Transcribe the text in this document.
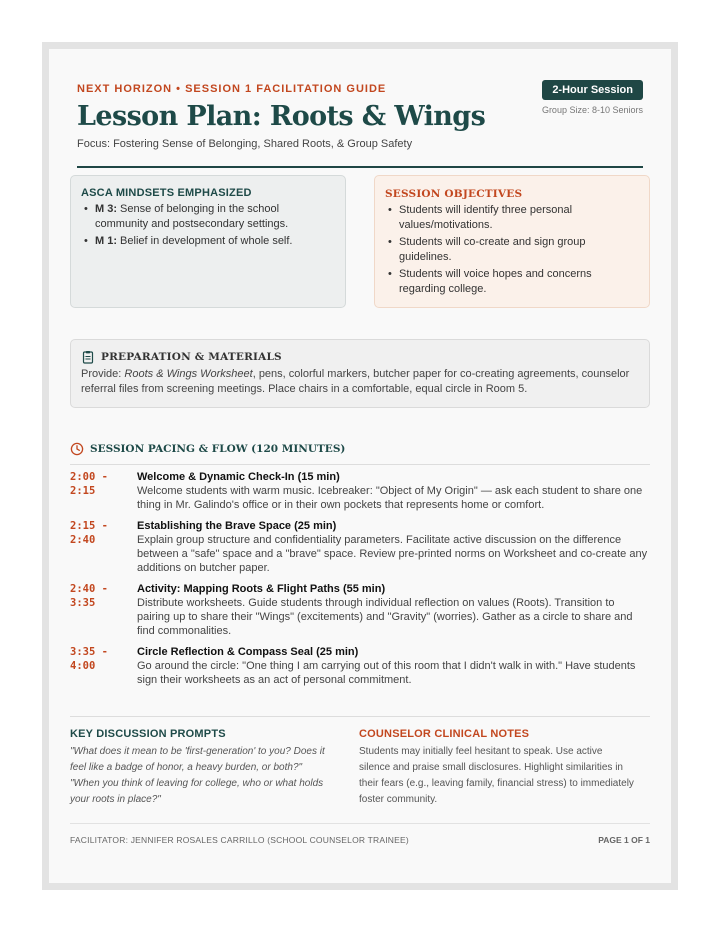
NEXT HORIZON • SESSION 1 FACILITATION GUIDE
Lesson Plan: Roots & Wings
Focus: Fostering Sense of Belonging, Shared Roots, & Group Safety
2-Hour Session
Group Size: 8-10 Seniors
ASCA MINDSETS EMPHASIZED
• M 3: Sense of belonging in the school community and postsecondary settings.
• M 1: Belief in development of whole self.
SESSION OBJECTIVES
• Students will identify three personal values/motivations.
• Students will co-create and sign group guidelines.
• Students will voice hopes and concerns regarding college.
PREPARATION & MATERIALS
Provide: Roots & Wings Worksheet, pens, colorful markers, butcher paper for co-creating agreements, counselor referral files from screening meetings. Place chairs in a comfortable, equal circle in Room 5.
SESSION PACING & FLOW (120 MINUTES)
2:00 -
2:15
Welcome & Dynamic Check-In (15 min)
Welcome students with warm music. Icebreaker: "Object of My Origin" — ask each student to share one thing in Mr. Galindo's office or in their own pockets that represents home or comfort.
2:15 -
2:40
Establishing the Brave Space (25 min)
Explain group structure and confidentiality parameters. Facilitate active discussion on the difference between a "safe" space and a "brave" space. Review pre-printed norms on Worksheet and co-create any additions on butcher paper.
2:40 -
3:35
Activity: Mapping Roots & Flight Paths (55 min)
Distribute worksheets. Guide students through individual reflection on values (Roots). Transition to pairing up to share their "Wings" (excitements) and "Gravity" (worries). Gather as a circle to share and find commonalities.
3:35 -
4:00
Circle Reflection & Compass Seal (25 min)
Go around the circle: "One thing I am carrying out of this room that I didn't walk in with." Have students sign their worksheets as an act of personal commitment.
KEY DISCUSSION PROMPTS

"What does it mean to be 'first-generation' to you? Does it feel like a badge of honor, a heavy burden, or both?"

"When you think of leaving for college, who or what holds your roots in place?"

COUNSELOR CLINICAL NOTES

Students may initially feel hesitant to speak. Use active silence and praise small disclosures. Highlight similarities in their fears (e.g., leaving family, financial stress) to immediately foster community.

FACILITATOR: JENNIFER ROSALES CARRILLO (SCHOOL COUNSELOR TRAINEE)	PAGE 1 OF 1
